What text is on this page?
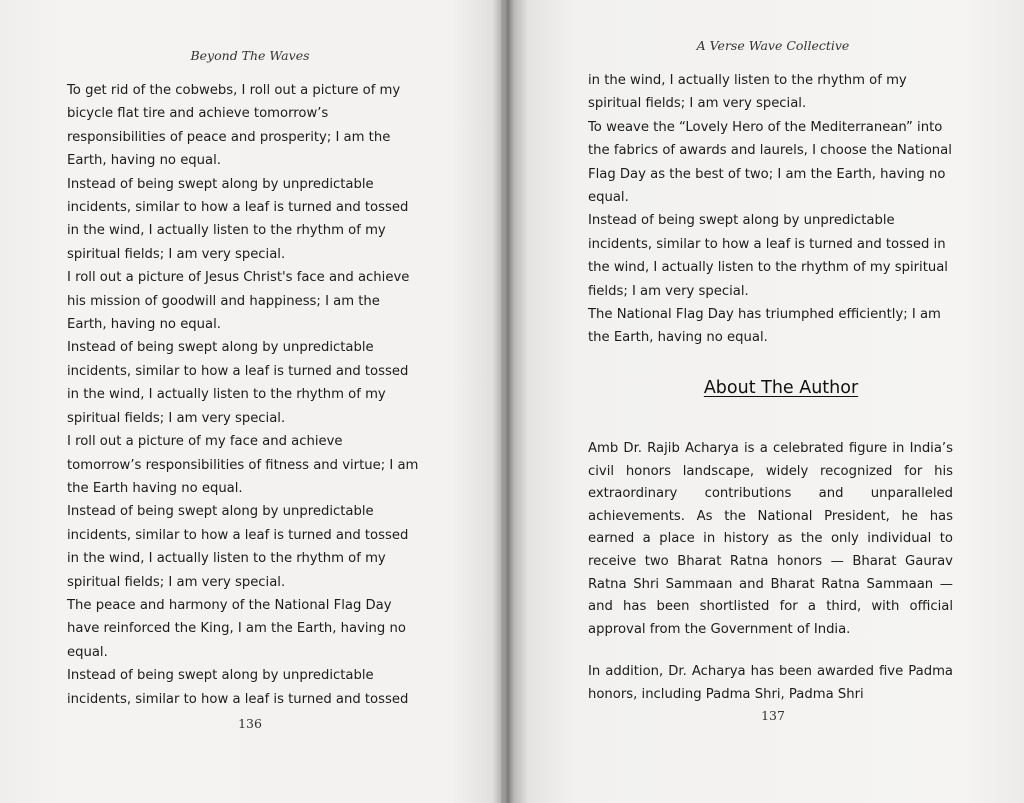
Beyond The Waves

To get rid of the cobwebs, I roll out a picture of my bicycle flat tire and achieve tomorrow’s responsibilities of peace and prosperity; I am the Earth, having no equal.

Instead of being swept along by unpredictable incidents, similar to how a leaf is turned and tossed in the wind, I actually listen to the rhythm of my spiritual fields; I am very special.

I roll out a picture of Jesus Christ's face and achieve his mission of goodwill and happiness; I am the Earth, having no equal.

Instead of being swept along by unpredictable incidents, similar to how a leaf is turned and tossed in the wind, I actually listen to the rhythm of my spiritual fields; I am very special.

I roll out a picture of my face and achieve tomorrow’s responsibilities of fitness and virtue; I am the Earth having no equal.

Instead of being swept along by unpredictable incidents, similar to how a leaf is turned and tossed in the wind, I actually listen to the rhythm of my spiritual fields; I am very special.

The peace and harmony of the National Flag Day have reinforced the King, I am the Earth, having no equal.

Instead of being swept along by unpredictable incidents, similar to how a leaf is turned and tossed

136
A Verse Wave Collective

in the wind, I actually listen to the rhythm of my spiritual fields; I am very special.

To weave the “Lovely Hero of the Mediterranean” into the fabrics of awards and laurels, I choose the National Flag Day as the best of two; I am the Earth, having no equal.

Instead of being swept along by unpredictable incidents, similar to how a leaf is turned and tossed in the wind, I actually listen to the rhythm of my spiritual fields; I am very special.

The National Flag Day has triumphed efficiently; I am the Earth, having no equal.

About The Author

Amb Dr. Rajib Acharya is a celebrated figure in India’s civil honors landscape, widely recognized for his extraordinary contributions and unparalleled achievements. As the National President, he has earned a place in history as the only individual to receive two Bharat Ratna honors — Bharat Gaurav Ratna Shri Sammaan and Bharat Ratna Sammaan — and has been shortlisted for a third, with official approval from the Government of India.

In addition, Dr. Acharya has been awarded five Padma honors, including Padma Shri, Padma Shri

137
